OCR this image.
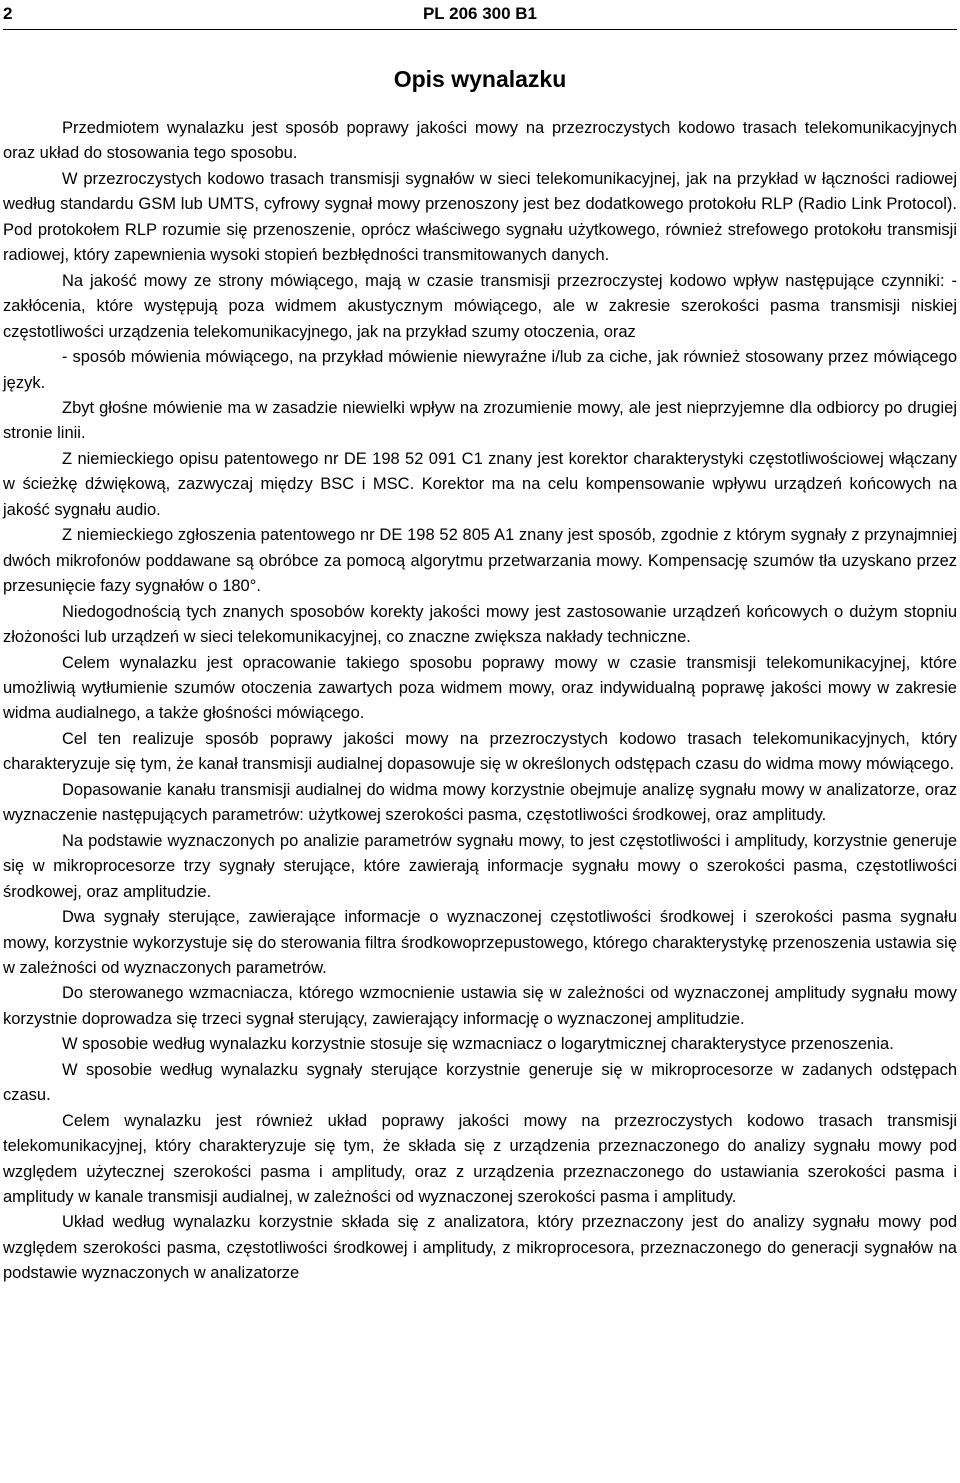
2	PL 206 300 B1
Opis wynalazku

Przedmiotem wynalazku jest sposób poprawy jakości mowy na przezroczystych kodowo trasach telekomunikacyjnych oraz układ do stosowania tego sposobu.

W przezroczystych kodowo trasach transmisji sygnałów w sieci telekomunikacyjnej, jak na przykład w łączności radiowej według standardu GSM lub UMTS, cyfrowy sygnał mowy przenoszony jest bez dodatkowego protokołu RLP (Radio Link Protocol). Pod protokołem RLP rozumie się przenoszenie, oprócz właściwego sygnału użytkowego, również strefowego protokołu transmisji radiowej, który zapewnienia wysoki stopień bezbłędności transmitowanych danych.

Na jakość mowy ze strony mówiącego, mają w czasie transmisji przezroczystej kodowo wpływ następujące czynniki: - zakłócenia, które występują poza widmem akustycznym mówiącego, ale w zakresie szerokości pasma transmisji niskiej częstotliwości urządzenia telekomunikacyjnego, jak na przykład szumy otoczenia, oraz

- sposób mówienia mówiącego, na przykład mówienie niewyraźne i/lub za ciche, jak również stosowany przez mówiącego język.

Zbyt głośne mówienie ma w zasadzie niewielki wpływ na zrozumienie mowy, ale jest nieprzyjemne dla odbiorcy po drugiej stronie linii.

Z niemieckiego opisu patentowego nr DE 198 52 091 C1 znany jest korektor charakterystyki częstotliwościowej włączany w ścieżkę dźwiękową, zazwyczaj między BSC i MSC. Korektor ma na celu kompensowanie wpływu urządzeń końcowych na jakość sygnału audio.

Z niemieckiego zgłoszenia patentowego nr DE 198 52 805 A1 znany jest sposób, zgodnie z którym sygnały z przynajmniej dwóch mikrofonów poddawane są obróbce za pomocą algorytmu przetwarzania mowy. Kompensację szumów tła uzyskano przez przesunięcie fazy sygnałów o 180°.

Niedogodnością tych znanych sposobów korekty jakości mowy jest zastosowanie urządzeń końcowych o dużym stopniu złożoności lub urządzeń w sieci telekomunikacyjnej, co znaczne zwiększa nakłady techniczne.

Celem wynalazku jest opracowanie takiego sposobu poprawy mowy w czasie transmisji telekomunikacyjnej, które umożliwią wytłumienie szumów otoczenia zawartych poza widmem mowy, oraz indywidualną poprawę jakości mowy w zakresie widma audialnego, a także głośności mówiącego.

Cel ten realizuje sposób poprawy jakości mowy na przezroczystych kodowo trasach telekomunikacyjnych, który charakteryzuje się tym, że kanał transmisji audialnej dopasowuje się w określonych odstępach czasu do widma mowy mówiącego.

Dopasowanie kanału transmisji audialnej do widma mowy korzystnie obejmuje analizę sygnału mowy w analizatorze, oraz wyznaczenie następujących parametrów: użytkowej szerokości pasma, częstotliwości środkowej, oraz amplitudy.

Na podstawie wyznaczonych po analizie parametrów sygnału mowy, to jest częstotliwości i amplitudy, korzystnie generuje się w mikroprocesorze trzy sygnały sterujące, które zawierają informacje sygnału mowy o szerokości pasma, częstotliwości środkowej, oraz amplitudzie.

Dwa sygnały sterujące, zawierające informacje o wyznaczonej częstotliwości środkowej i szerokości pasma sygnału mowy, korzystnie wykorzystuje się do sterowania filtra środkowoprzepustowego, którego charakterystykę przenoszenia ustawia się w zależności od wyznaczonych parametrów.

Do sterowanego wzmacniacza, którego wzmocnienie ustawia się w zależności od wyznaczonej amplitudy sygnału mowy korzystnie doprowadza się trzeci sygnał sterujący, zawierający informację o wyznaczonej amplitudzie.

W sposobie według wynalazku korzystnie stosuje się wzmacniacz o logarytmicznej charakterystyce przenoszenia.

W sposobie według wynalazku sygnały sterujące korzystnie generuje się w mikroprocesorze w zadanych odstępach czasu.

Celem wynalazku jest również układ poprawy jakości mowy na przezroczystych kodowo trasach transmisji telekomunikacyjnej, który charakteryzuje się tym, że składa się z urządzenia przeznaczonego do analizy sygnału mowy pod względem użytecznej szerokości pasma i amplitudy, oraz z urządzenia przeznaczonego do ustawiania szerokości pasma i amplitudy w kanale transmisji audialnej, w zależności od wyznaczonej szerokości pasma i amplitudy.

Układ według wynalazku korzystnie składa się z analizatora, który przeznaczony jest do analizy sygnału mowy pod względem szerokości pasma, częstotliwości środkowej i amplitudy, z mikroprocesora, przeznaczonego do generacji sygnałów na podstawie wyznaczonych w analizatorze
